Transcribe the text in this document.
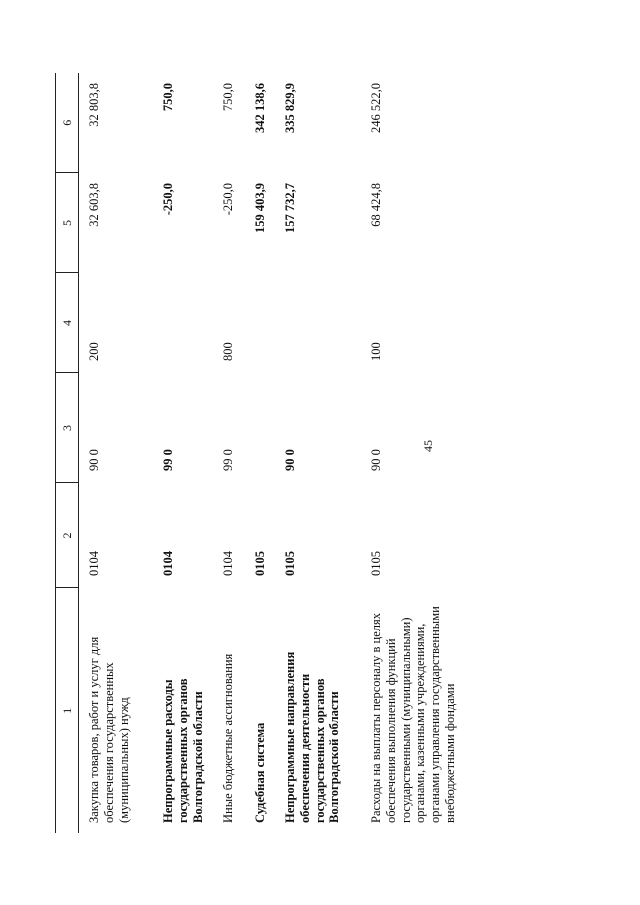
45
1	2	3	4	5	6
Закупка товаров, работ и услуг для обеспечения государственных (муниципальных) нужд	0104	90 0	200	32 603,8	32 803,8
Непрограммные расходы государственных органов Волгоградской области	0104	99 0		-250,0	750,0
Иные бюджетные ассигнования	0104	99 0	800	-250,0	750,0
Судебная система	0105			159 403,9	342 138,6
Непрограммные направления обеспечения деятельности государственных органов Волгоградской области	0105	90 0		157 732,7	335 829,9
Расходы на выплаты персоналу в целях обеспечения выполнения функций государственными (муниципальными) органами, казенными учреждениями, органами управления государственными внебюджетными фондами	0105	90 0	100	68 424,8	246 522,0
